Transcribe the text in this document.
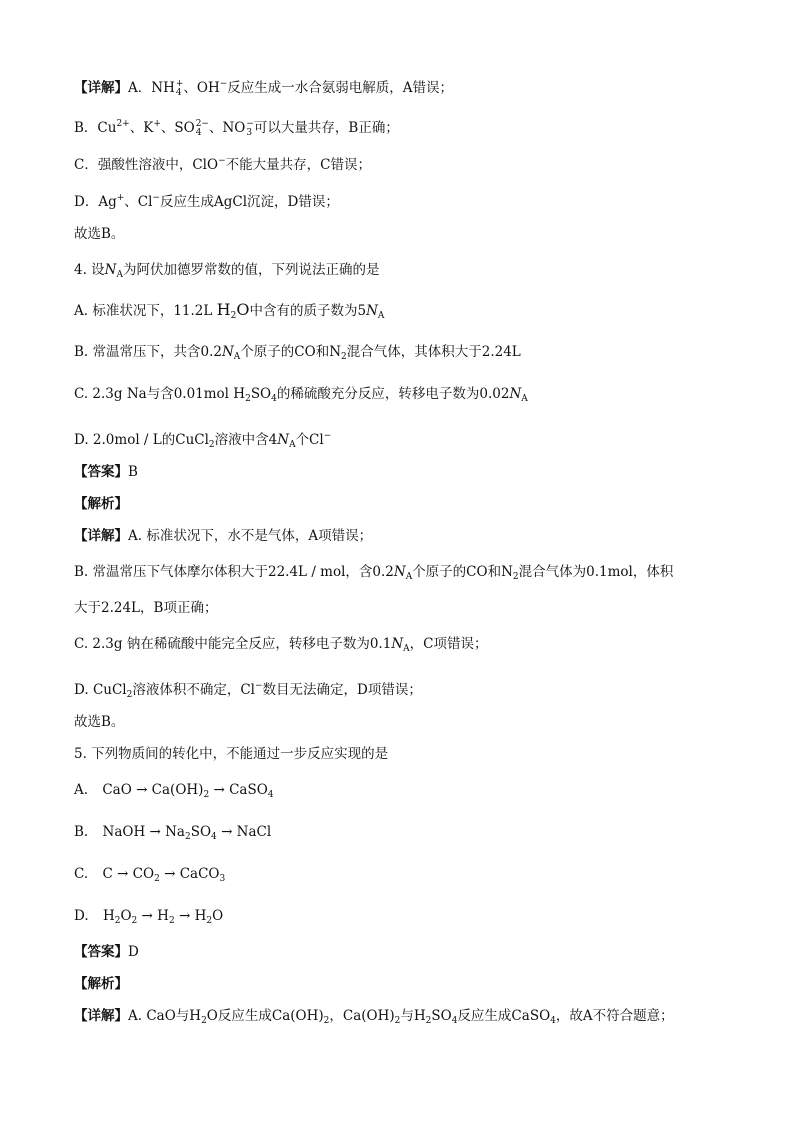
【详解】A．NH +
4 、OH−反应生成一水合氨弱电解质，A错误；
B．$Cu^{2+}$、K+、SO 2−
4 、NO −
3 可以大量共存，B正确；
C．强酸性溶液中，ClO−不能大量共存，C错误；
D．Ag+、Cl−反应生成AgCl沉淀，D错误；
故选B。
4. 设$N_A$为阿伏加德罗常数的值，下列说法正确的是
A. 标准状况下，11.2L $H_2O$中含有的质子数为$5N_A$
B. 常温常压下，共含$0.2N_A$个原子的CO和$N_2$混合气体，其体积大于2.24L
C. 2.3g Na与含0.01mol $H_2SO_4$的稀硫酸充分反应，转移电子数为$0.02N_A$
D. 2.0mol / L的CuCl$_2$溶液中含$4N_A$个Cl−
【答案】B
【解析】
【详解】A. 标准状况下，水不是气体，A项错误；
B. 常温常压下气体摩尔体积大于22.4L / mol，含$0.2N_A$个原子的CO和$N_2$混合气体为0.1mol，体积
大于2.24L，B项正确；
C. 2.3g 钠在稀硫酸中能完全反应，转移电子数为$0.1N_A$，C项错误；
D. CuCl$_2$溶液体积不确定，Cl−数目无法确定，D项错误；
故选B。
5. 下列物质间的转化中，不能通过一步反应实现的是
A. CaO → $Ca(OH)_2$ → CaSO$_4$
B. NaOH → $Na_2SO_4$ → NaCl
C. $C \to CO_2$ → CaCO$_3$
D. $H_2O_2 \to H_2 \to H_2O$
【答案】D
【解析】
【详解】A. CaO与$H_2O$反应生成$Ca(OH)_2$，$Ca(OH)_2$与$H_2SO_4$反应生成CaSO$_4$，故A不符合题意；
